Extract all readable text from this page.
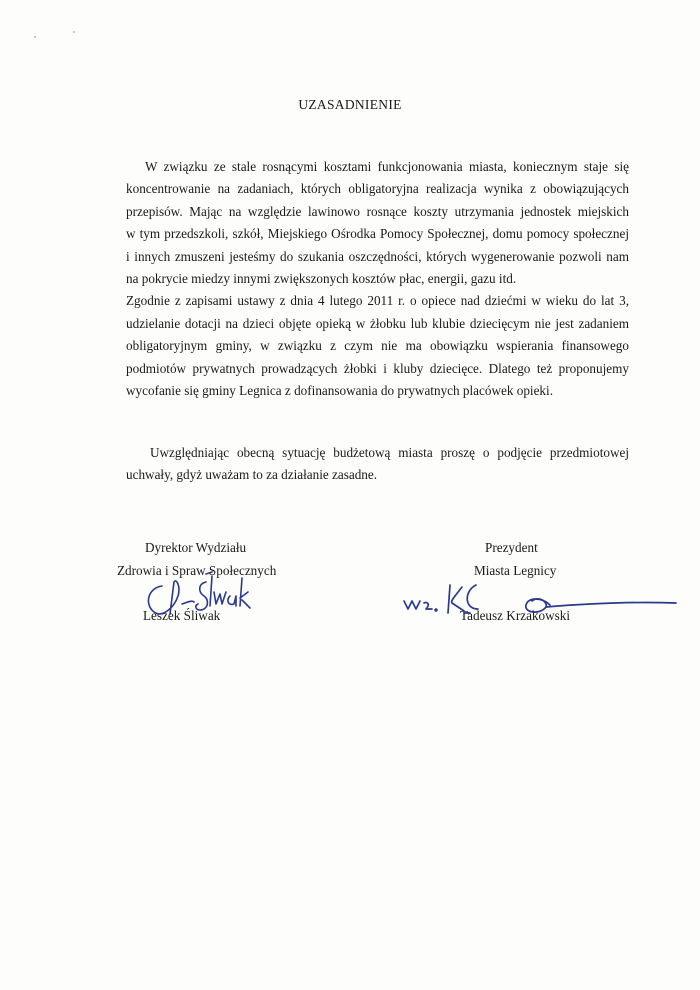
UZASADNIENIE
W związku ze stale rosnącymi kosztami funkcjonowania miasta, koniecznym staje się
koncentrowanie na zadaniach, których obligatoryjna realizacja wynika z obowiązujących
przepisów. Mając na względzie lawinowo rosnące koszty utrzymania jednostek miejskich
w tym przedszkoli, szkół, Miejskiego Ośrodka Pomocy Społecznej, domu pomocy społecznej
i innych zmuszeni jesteśmy do szukania oszczędności, których wygenerowanie pozwoli nam
na pokrycie miedzy innymi zwiększonych kosztów płac, energii, gazu itd.
Zgodnie z zapisami ustawy z dnia 4 lutego 2011 r. o opiece nad dziećmi w wieku do lat 3,
udzielanie dotacji na dzieci objęte opieką w żłobku lub klubie dziecięcym nie jest zadaniem
obligatoryjnym gminy, w związku z czym nie ma obowiązku wspierania finansowego
podmiotów prywatnych prowadzących żłobki i kluby dziecięce. Dlatego też proponujemy
wycofanie się gminy Legnica z dofinansowania do prywatnych placówek opieki.
Uwzględniając obecną sytuację budżetową miasta proszę o podjęcie przedmiotowej
uchwały, gdyż uważam to za działanie zasadne.
Dyrektor Wydziału
Zdrowia i Spraw Społecznych
Leszek Śliwak
Prezydent
Miasta Legnicy
Tadeusz Krzakowski
